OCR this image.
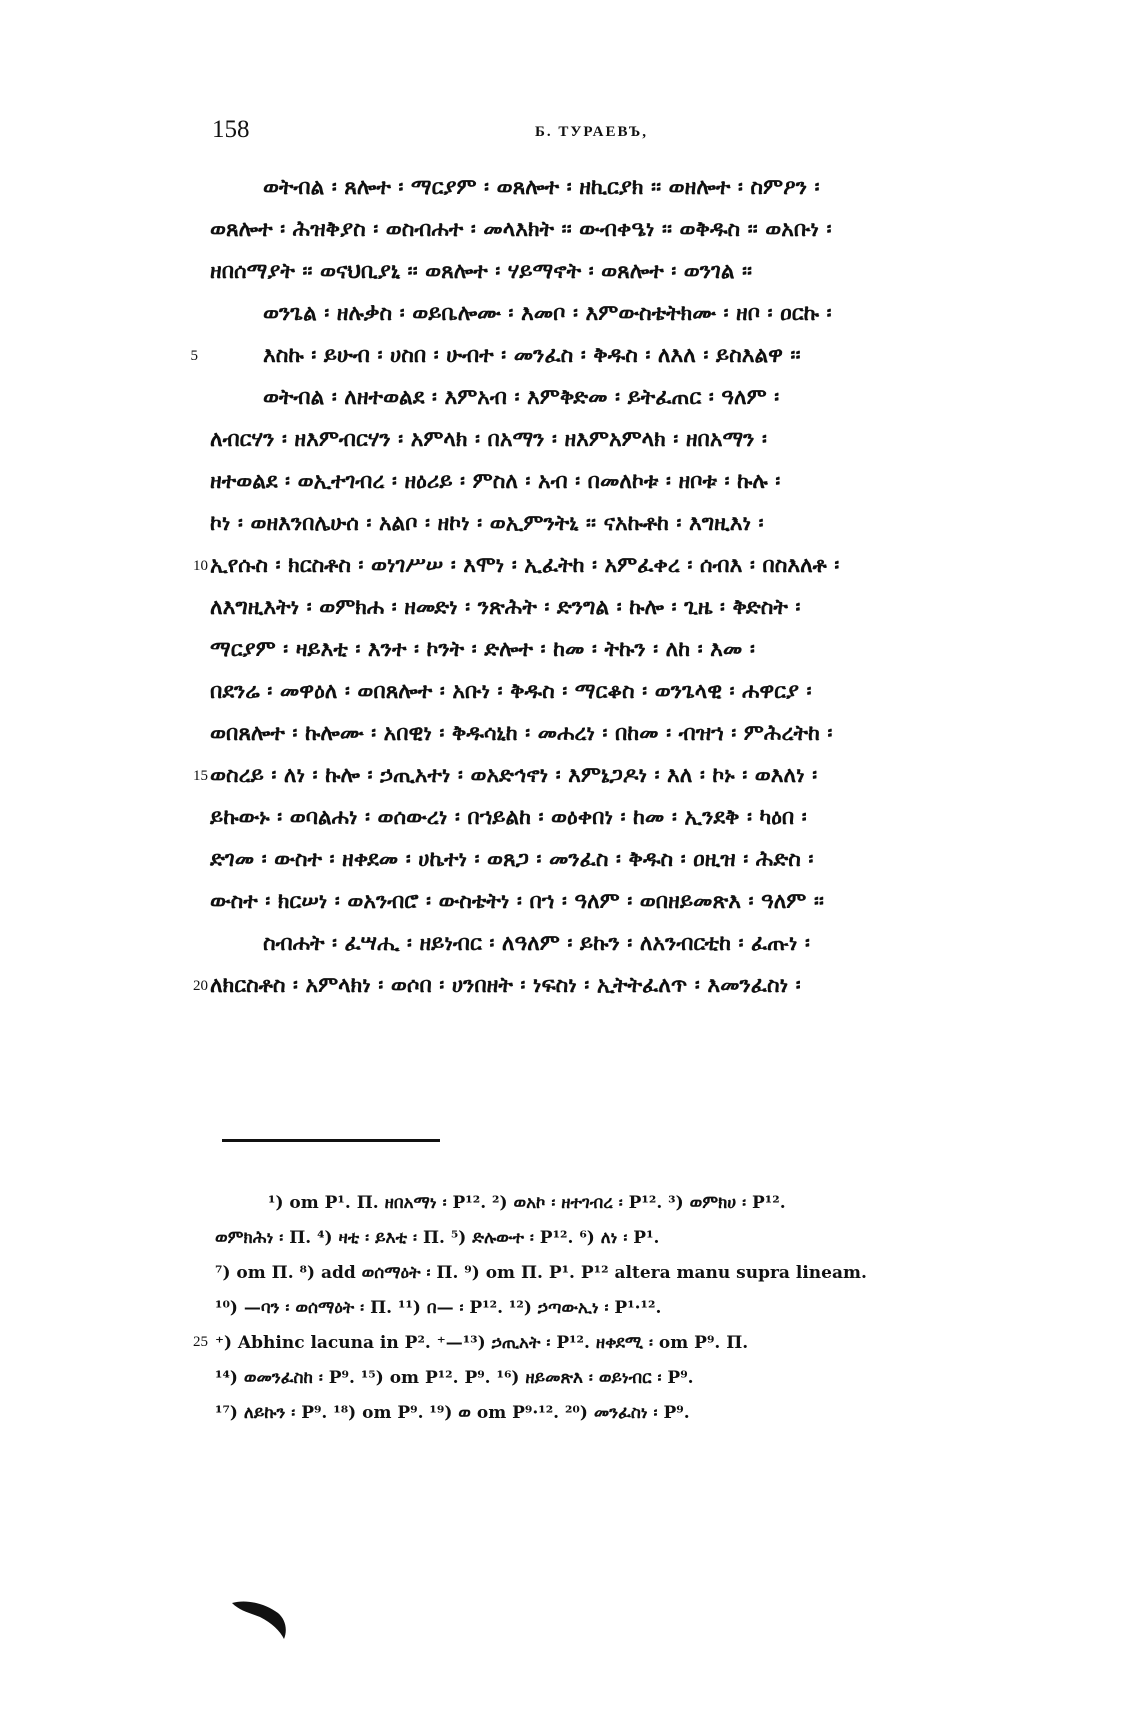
158	Б. ТУРАЕВЪ,
ወትብል ፡ ጸሎተ ፡ ማርያም ፡ ወጸሎተ ፡ ዘኪርያክ ፡፡ ወዘሎተ ፡ ስምዖን ፡
ወጸሎተ ፡ ሕዝቅያስ ፡ ወስብሐተ ፡ መላእክት ፡፡ ውብቀዔነ ፡፡ ወቅዱስ ፡፡ ወአቡነ ፡
ዘበሰማያት ፡፡ ወናህቢያኒ ፡፡ ወጸሎተ ፡ ሃይማኖት ፡ ወጸሎተ ፡ ወንገል ፡፡
ወንጌል ፡ ዘሉቃስ ፡ ወይቤሎሙ ፡ እመቦ ፡ እምውስቴትክሙ ፡ ዘቦ ፡ ዐርኩ ፡
እስኩ ፡ ይሁብ ፡ ሀስበ ፡ ሁብተ ፡ መንፈስ ፡ ቅዱስ ፡ ለእለ ፡ ይስእልዋ ፡፡
5
ወትብል ፡ ለዘተወልደ ፡ እምአብ ፡ እምቅድመ ፡ ይትፈጠር ፡ ዓለም ፡
ለብርሃን ፡ ዘእምብርሃን ፡ አምላክ ፡ በአማን ፡ ዘእምአምላክ ፡ ዘበአማን ፡
ዘተወልደ ፡ ወኢተገብረ ፡ ዘዕሪይ ፡ ምስለ ፡ አብ ፡ በመለኮቱ ፡ ዘቦቱ ፡ ኩሉ ፡
ኮነ ፡ ወዘእንበሌሁሰ ፡ አልቦ ፡ ዘኮነ ፡ ወኢምንትኒ ፡፡ ናአኩቶከ ፡ እግዚእነ ፡
ኢየሱስ ፡ ክርስቶስ ፡ ወነገሥሠ ፡ እሞነ ፡ ኢፈትከ ፡ አምፈቀረ ፡ ሰብእ ፡ በስእለቶ ፡
10
ለእግዚእትነ ፡ ወምክሐ ፡ ዘመድነ ፡ ንጽሕት ፡ ድንግል ፡ ኩሎ ፡ ጊዜ ፡ ቅድስት ፡
ማርያም ፡ ዛይእቲ ፡ እንተ ፡ ኮንት ፡ ድሎተ ፡ ከመ ፡ ትኩን ፡ ለከ ፡ እመ ፡
በደንሬ ፡ መዋዕለ ፡ ወበጸሎተ ፡ አቡነ ፡ ቅዱስ ፡ ማርቆስ ፡ ወንጌላዊ ፡ ሐዋርያ ፡
ወበጸሎተ ፡ ኩሎሙ ፡ አበዊነ ፡ ቅዱሳኒከ ፡ መሐረነ ፡ በከመ ፡ ብዝኀ ፡ ምሕረትከ ፡
ወስረይ ፡ ለነ ፡ ኩሎ ፡ ኃጢአተነ ፡ ወአድኅኖነ ፡ እምኔጋዶነ ፡ እለ ፡ ኮኑ ፡ ወእለነ ፡
15
ይኩውኑ ፡ ወባልሐነ ፡ ወሰውረነ ፡ በኀይልከ ፡ ወዕቀበነ ፡ ከመ ፡ ኢንደቅ ፡ ካዕበ ፡
ድገመ ፡ ውስተ ፡ ዘቀደመ ፡ ሀኬተነ ፡ ወጸጋ ፡ መንፈስ ፡ ቅዱስ ፡ ዐዚዝ ፡ ሕድስ ፡
ውስተ ፡ ክርሠነ ፡ ወአንብሮ ፡ ውስቴትነ ፡ በኀ ፡ ዓለም ፡ ወበዘይመጽእ ፡ ዓለም ፡፡
ስብሐት ፡ ፈሣሒ ፡ ዘይነብር ፡ ለዓለም ፡ ይኩን ፡ ለአንብርቲከ ፡ ፈጡነ ፡
ለክርስቶስ ፡ አምላክነ ፡ ወሶበ ፡ ሀንበዘት ፡ ነፍስነ ፡ ኢትትፈለጥ ፡ እመንፈስነ ፡
20
¹) om P¹. П. ዘበአማነ ፡ P¹². ²) ወአኮ ፡ ዘተገብረ ፡ P¹². ³) ወምክሀ ፡ P¹².
ወምክሕነ ፡ П. ⁴) ዛቲ ፡ ይእቲ ፡ П. ⁵) ድሉውተ ፡ P¹². ⁶) ለነ ፡ P¹.
⁷) om П. ⁸) add ወሰማዕት ፡ П. ⁹) om П. P¹. P¹² altera manu supra lineam.
¹⁰) —ባን ፡ ወሰማዕት ፡ П. ¹¹) በ— ፡ P¹². ¹²) ኃጣውኢነ ፡ P¹·¹².
⁺) Abhinc lacuna in P². ⁺—¹³) ኃጢአት ፡ P¹². ዘቀደሚ ፡ om P⁹. П.
25
¹⁴) ወመንፈስከ ፡ P⁹. ¹⁵) om P¹². P⁹. ¹⁶) ዘይመጽእ ፡ ወይነብር ፡ P⁹.
¹⁷) ለይኩን ፡ P⁹. ¹⁸) om P⁹. ¹⁹) ወ om P⁹·¹². ²⁰) መንፈስነ ፡ P⁹.
